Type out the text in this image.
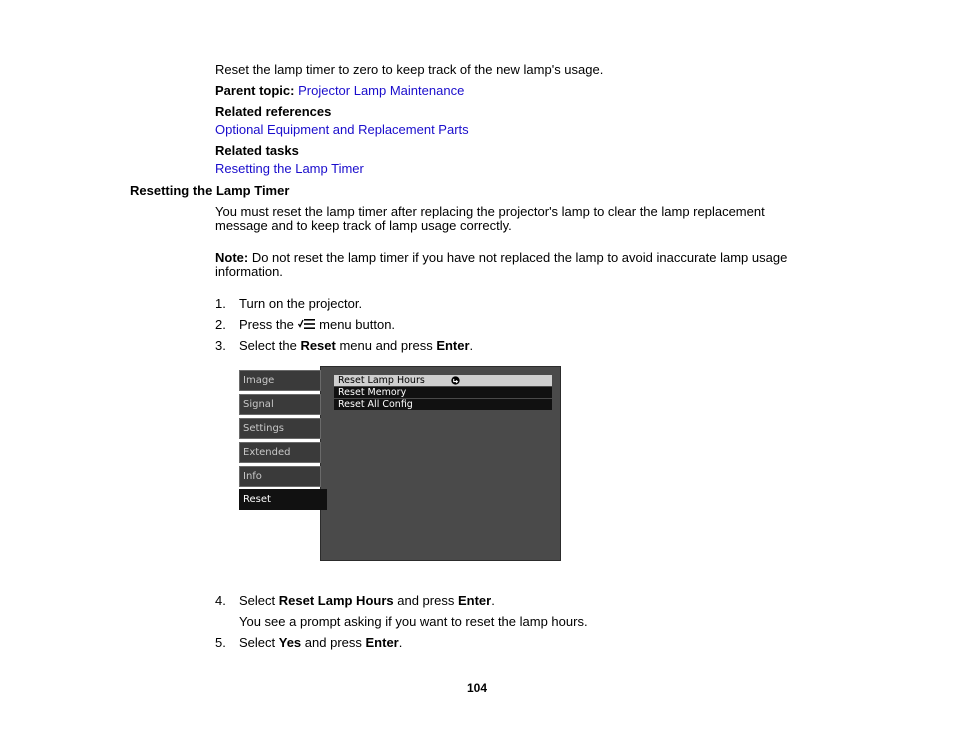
Reset the lamp timer to zero to keep track of the new lamp's usage.
Parent topic: Projector Lamp Maintenance
Related references
Optional Equipment and Replacement Parts
Related tasks
Resetting the Lamp Timer
Resetting the Lamp Timer
You must reset the lamp timer after replacing the projector's lamp to clear the lamp replacement message and to keep track of lamp usage correctly.
Note: Do not reset the lamp timer if you have not replaced the lamp to avoid inaccurate lamp usage information.
1. Turn on the projector.
2. Press the
menu button.
3. Select the Reset menu and press Enter.
Image
Signal
Settings
Extended
Info
Reset
Reset Lamp Hours
Reset Memory
Reset All Config
4. Select Reset Lamp Hours and press Enter.
You see a prompt asking if you want to reset the lamp hours.
5. Select Yes and press Enter.
104
